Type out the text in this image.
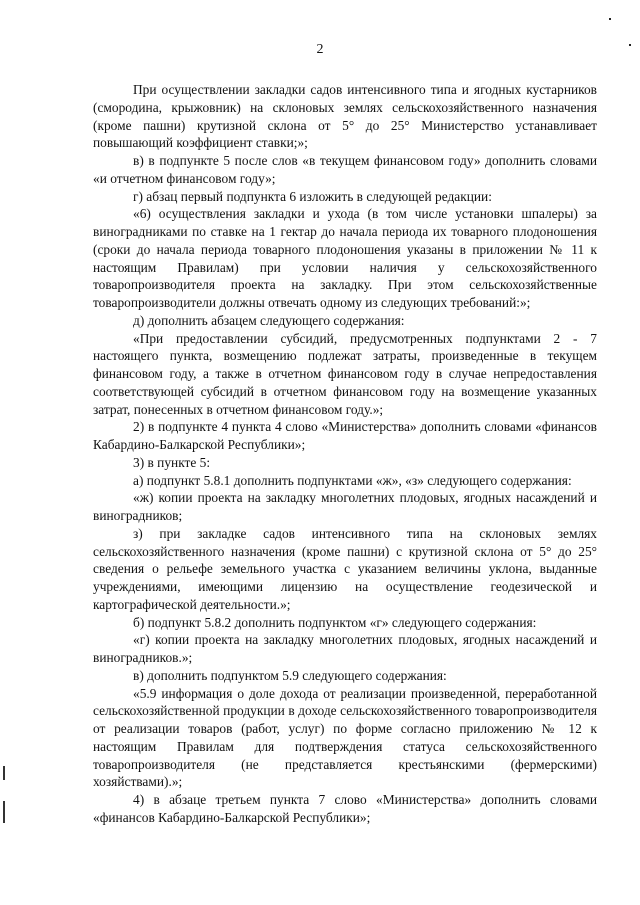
2

При осуществлении закладки садов интенсивного типа и ягодных кустарников (смородина, крыжовник) на склоновых землях сельскохозяйственного назначения (кроме пашни) крутизной склона от 5° до 25° Министерство устанавливает повышающий коэффициент ставки;»;

в) в подпункте 5 после слов «в текущем финансовом году» дополнить словами «и отчетном финансовом году»;

г) абзац первый подпункта 6 изложить в следующей редакции:

«6) осуществления закладки и ухода (в том числе установки шпалеры) за виноградниками по ставке на 1 гектар до начала периода их товарного плодоношения (сроки до начала периода товарного плодоношения указаны в приложении № 11 к настоящим Правилам) при условии наличия у сельскохозяйственного товаропроизводителя проекта на закладку. При этом сельскохозяйственные товаропроизводители должны отвечать одному из следующих требований:»;

д) дополнить абзацем следующего содержания:

«При предоставлении субсидий, предусмотренных подпунктами 2 - 7 настоящего пункта, возмещению подлежат затраты, произведенные в текущем финансовом году, а также в отчетном финансовом году в случае непредоставления соответствующей субсидий в отчетном финансовом году на возмещение указанных затрат, понесенных в отчетном финансовом году.»;

2) в подпункте 4 пункта 4 слово «Министерства» дополнить словами «финансов Кабардино-Балкарской Республики»;

3) в пункте 5:

а) подпункт 5.8.1 дополнить подпунктами «ж», «з» следующего содержания:

«ж) копии проекта на закладку многолетних плодовых, ягодных насаждений и виноградников;

з) при закладке садов интенсивного типа на склоновых землях сельскохозяйственного назначения (кроме пашни) с крутизной склона от 5° до 25° сведения о рельефе земельного участка с указанием величины уклона, выданные учреждениями, имеющими лицензию на осуществление геодезической и картографической деятельности.»;

б) подпункт 5.8.2 дополнить подпунктом «г» следующего содержания:

«г) копии проекта на закладку многолетних плодовых, ягодных насаждений и виноградников.»;

в) дополнить подпунктом 5.9 следующего содержания:

«5.9 информация о доле дохода от реализации произведенной, переработанной сельскохозяйственной продукции в доходе сельскохозяйственного товаропроизводителя от реализации товаров (работ, услуг) по форме согласно приложению № 12 к настоящим Правилам для подтверждения статуса сельскохозяйственного товаропроизводителя (не представляется крестьянскими (фермерскими) хозяйствами).»;

4) в абзаце третьем пункта 7 слово «Министерства» дополнить словами «финансов Кабардино-Балкарской Республики»;
